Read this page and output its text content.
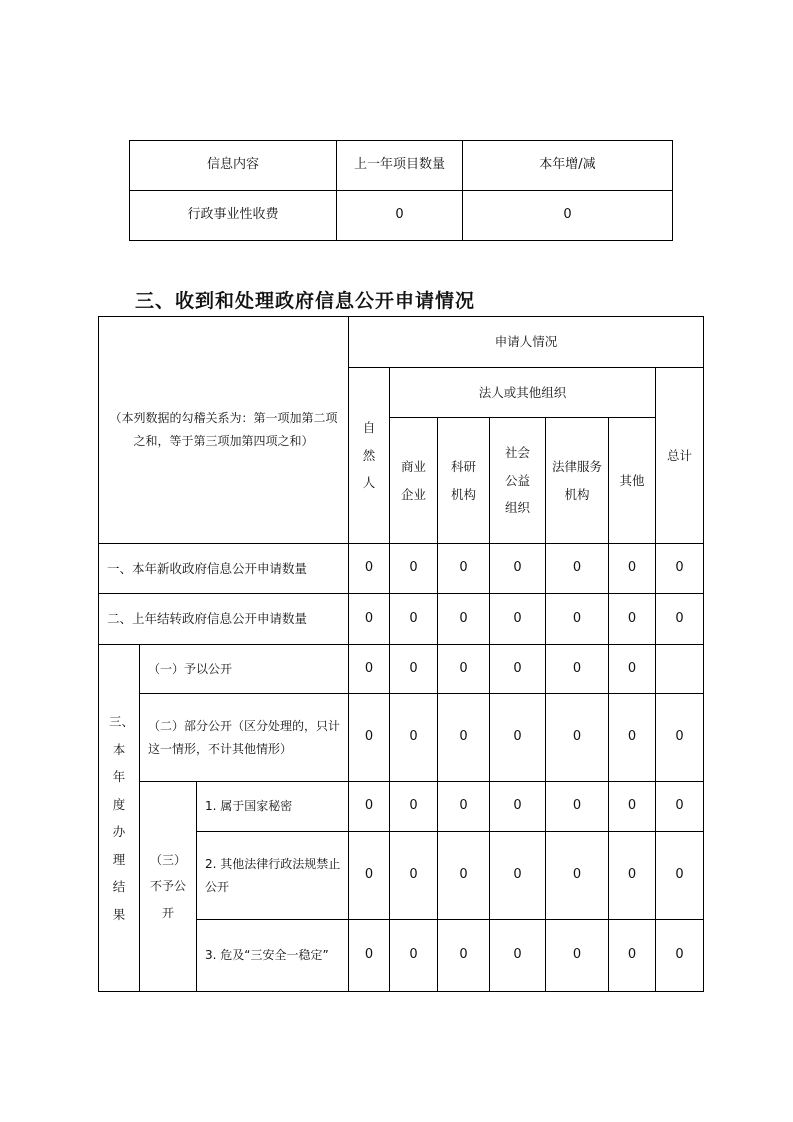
信息内容	上一年项目数量	本年增/减
行政事业性收费	0	0
三、收到和处理政府信息公开申请情况
（本列数据的勾稽关系为：第一项加第二项之和，等于第三项加第四项之和）			申请人情况						
			自然人	法人或其他组织					总计
				商业企业	科研机构	社会公益组织	法律服务机构	其他	
一、本年新收政府信息公开申请数量			0	0	0	0	0	0	0
二、上年结转政府信息公开申请数量			0	0	0	0	0	0	0
三、本年度办理结果	（一）予以公开		0	0	0	0	0	0	
	（二）部分公开（区分处理的，只计这一情形，不计其他情形）		0	0	0	0	0	0	0
	（三）不予公开	1. 属于国家秘密	0	0	0	0	0	0	0
		2. 其他法律行政法规禁止公开	0	0	0	0	0	0	0
		3. 危及“三安全一稳定”	0	0	0	0	0	0	0
